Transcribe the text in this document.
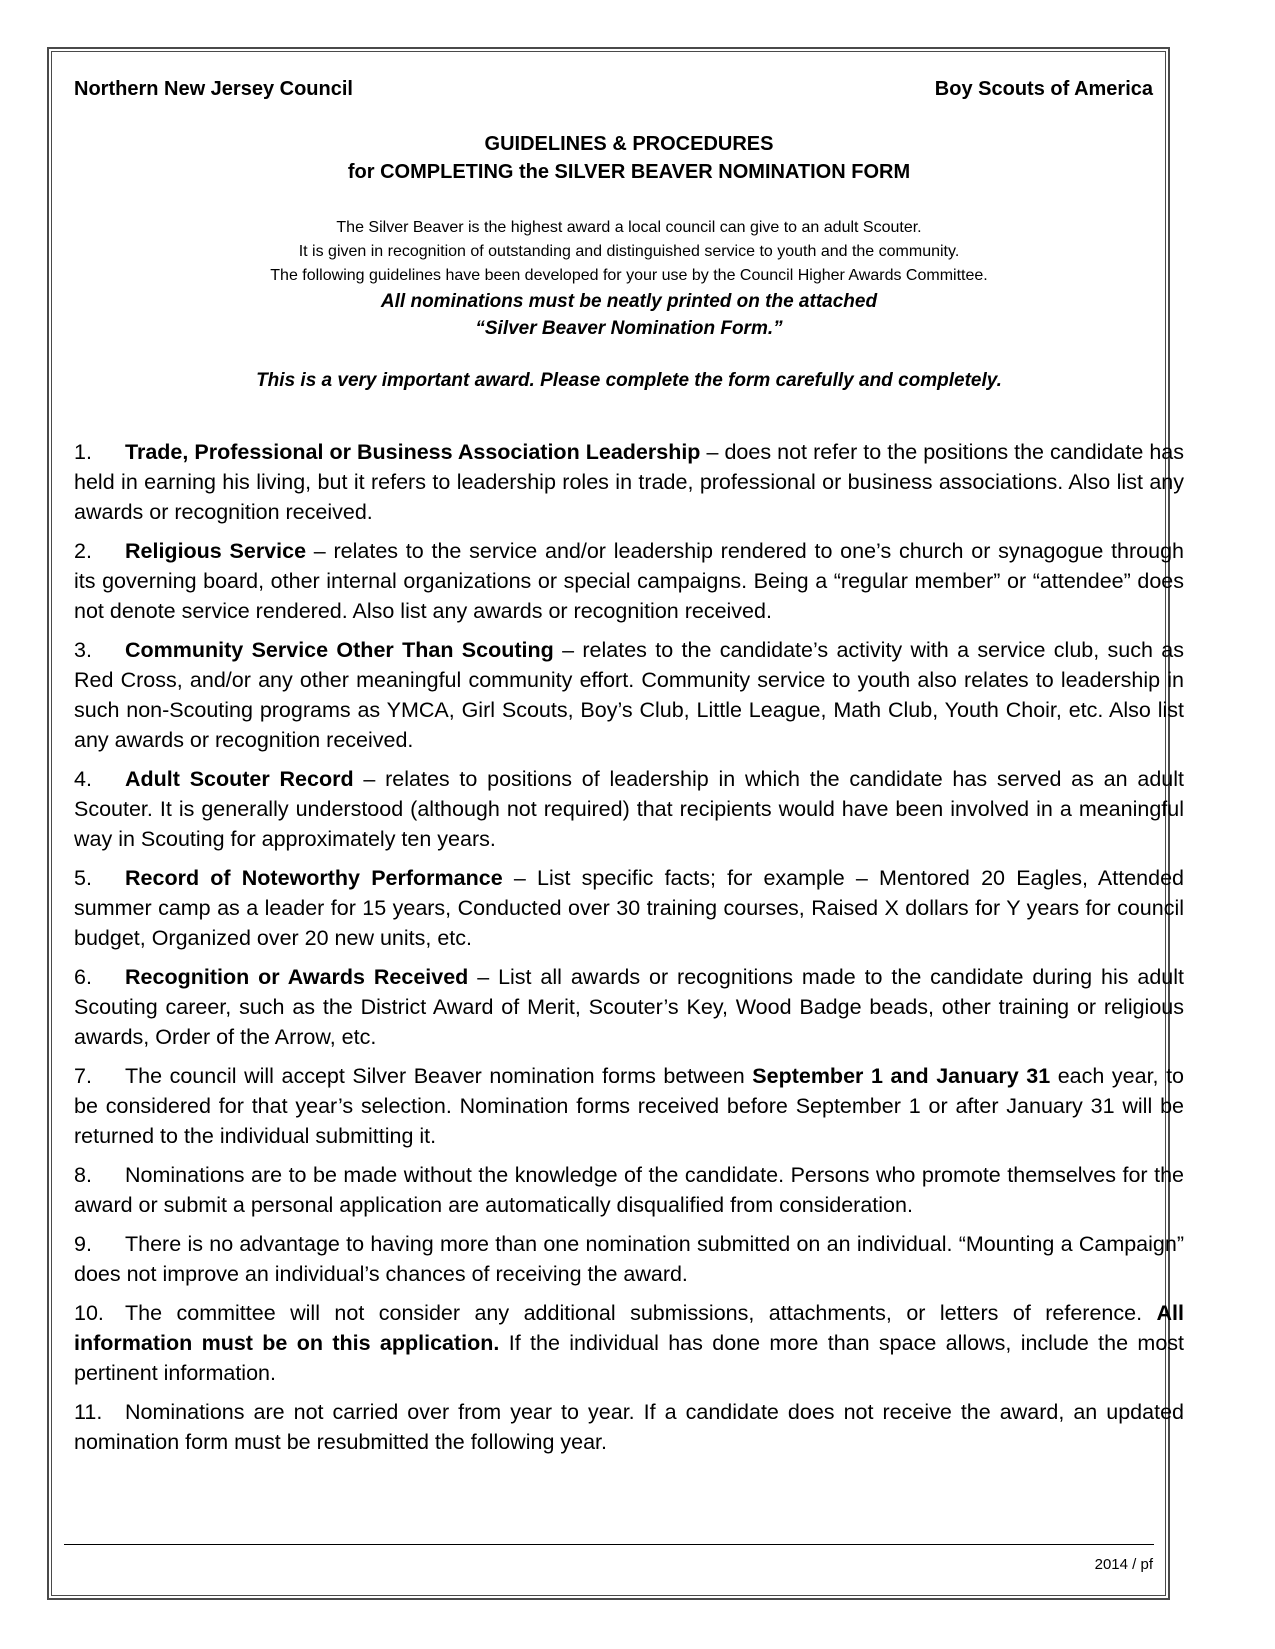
Northern New Jersey Council	Boy Scouts of America
GUIDELINES & PROCEDURES
for COMPLETING the SILVER BEAVER NOMINATION FORM
The Silver Beaver is the highest award a local council can give to an adult Scouter.
It is given in recognition of outstanding and distinguished service to youth and the community.
The following guidelines have been developed for your use by the Council Higher Awards Committee.
All nominations must be neatly printed on the attached
“Silver Beaver Nomination Form.”
This is a very important award. Please complete the form carefully and completely.

1. Trade, Professional or Business Association Leadership – does not refer to the positions the candidate has held in earning his living, but it refers to leadership roles in trade, professional or business associations. Also list any awards or recognition received.

2. Religious Service – relates to the service and/or leadership rendered to one’s church or synagogue through its governing board, other internal organizations or special campaigns. Being a “regular member” or “attendee” does not denote service rendered. Also list any awards or recognition received.

3. Community Service Other Than Scouting – relates to the candidate’s activity with a service club, such as Red Cross, and/or any other meaningful community effort. Community service to youth also relates to leadership in such non-Scouting programs as YMCA, Girl Scouts, Boy’s Club, Little League, Math Club, Youth Choir, etc. Also list any awards or recognition received.

4. Adult Scouter Record – relates to positions of leadership in which the candidate has served as an adult Scouter. It is generally understood (although not required) that recipients would have been involved in a meaningful way in Scouting for approximately ten years.

5. Record of Noteworthy Performance – List specific facts; for example – Mentored 20 Eagles, Attended summer camp as a leader for 15 years, Conducted over 30 training courses, Raised X dollars for Y years for council budget, Organized over 20 new units, etc.

6. Recognition or Awards Received – List all awards or recognitions made to the candidate during his adult Scouting career, such as the District Award of Merit, Scouter’s Key, Wood Badge beads, other training or religious awards, Order of the Arrow, etc.

7. The council will accept Silver Beaver nomination forms between September 1 and January 31 each year, to be considered for that year’s selection. Nomination forms received before September 1 or after January 31 will be returned to the individual submitting it.

8. Nominations are to be made without the knowledge of the candidate. Persons who promote themselves for the award or submit a personal application are automatically disqualified from consideration.

9. There is no advantage to having more than one nomination submitted on an individual. “Mounting a Campaign” does not improve an individual’s chances of receiving the award.

10. The committee will not consider any additional submissions, attachments, or letters of reference. All information must be on this application. If the individual has done more than space allows, include the most pertinent information.

11. Nominations are not carried over from year to year. If a candidate does not receive the award, an updated nomination form must be resubmitted the following year.

2014 / pf
